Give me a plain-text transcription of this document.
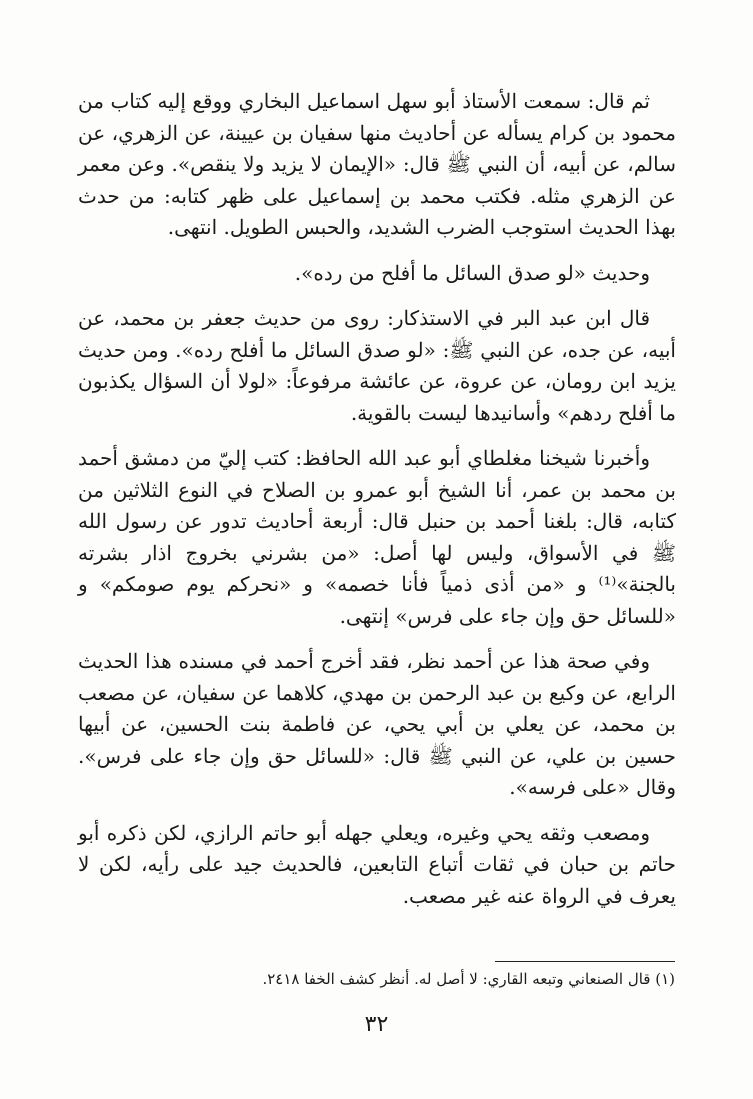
ثم قال: سمعت الأستاذ أبو سهل اسماعيل البخاري ووقع إليه كتاب من محمود بن كرام يسأله عن أحاديث منها سفيان بن عيينة، عن الزهري، عن سالم، عن أبيه، أن النبي ﷺ قال: «الإيمان لا يزيد ولا ينقص». وعن معمر عن الزهري مثله. فكتب محمد بن إسماعيل على ظهر كتابه: من حدث بهذا الحديث استوجب الضرب الشديد، والحبس الطويل. انتهى.

وحديث «لو صدق السائل ما أفلح من رده».

قال ابن عبد البر في الاستذكار: روى من حديث جعفر بن محمد، عن أبيه، عن جده، عن النبي ﷺ: «لو صدق السائل ما أفلح رده». ومن حديث يزيد ابن رومان، عن عروة، عن عائشة مرفوعاً: «لولا أن السؤال يكذبون ما أفلح ردهم» وأسانيدها ليست بالقوية.

وأخبرنا شيخنا مغلطاي أبو عبد الله الحافظ: كتب إليّ من دمشق أحمد بن محمد بن عمر، أنا الشيخ أبو عمرو بن الصلاح في النوع الثلاثين من كتابه، قال: بلغنا أحمد بن حنبل قال: أربعة أحاديث تدور عن رسول الله ﷺ في الأسواق، وليس لها أصل: «من بشرني بخروج اذار بشرته بالجنة»⁽¹⁾ و «من أذى ذمياً فأنا خصمه» و «نحركم يوم صومكم» و «للسائل حق وإن جاء على فرس» إنتهى.

وفي صحة هذا عن أحمد نظر، فقد أخرج أحمد في مسنده هذا الحديث الرابع، عن وكيع بن عبد الرحمن بن مهدي، كلاهما عن سفيان، عن مصعب بن محمد، عن يعلي بن أبي يحي، عن فاطمة بنت الحسين، عن أبيها حسين بن علي، عن النبي ﷺ قال: «للسائل حق وإن جاء على فرس». وقال «على فرسه».

ومصعب وثقه يحي وغيره، ويعلي جهله أبو حاتم الرازي، لكن ذكره أبو حاتم بن حبان في ثقات أتباع التابعين، فالحديث جيد على رأيه، لكن لا يعرف في الرواة عنه غير مصعب.

(١) قال الصنعاني وتبعه القاري: لا أصل له. أنظر كشف الخفا ٢٤١٨.
٣٢
